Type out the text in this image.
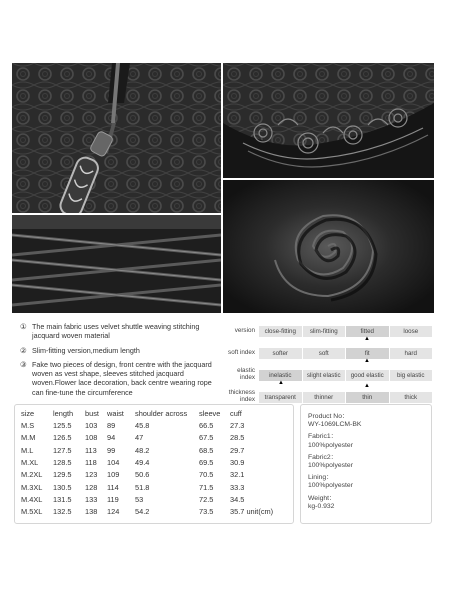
① The main fabric uses velvet shuttle weaving stitching jacquard woven material
② Slim-fitting version,medium length
③ Fake two pieces of design, front centre with the jacquard woven as vest shape, sleeves stitched jacquard woven.Flower lace decoration, back centre wearing rope can fine-tune the circumference
version	close-fitting	slim-fitting	fitted	loose
▲
soft index	softer	soft	fit	hard
▲
elastic index	inelastic	slight elastic	good elastic	big elastic
▲
thickness index	transparent	thinner	thin	thick
▲
size	length	bust	waist	shoulder across	sleeve	cuff
M.S	125.5	103	89	45.8	66.5	27.3
M.M	126.5	108	94	47	67.5	28.5
M.L	127.5	113	99	48.2	68.5	29.7
M.XL	128.5	118	104	49.4	69.5	30.9
M.2XL	129.5	123	109	50.6	70.5	32.1
M.3XL	130.5	128	114	51.8	71.5	33.3
M.4XL	131.5	133	119	53	72.5	34.5
M.5XL	132.5	138	124	54.2	73.5	35.7 unit(cm)
Product No：
WY-1069LCM-BK
Fabric1：
100%polyester
Fabric2：
100%polyester
Lining：
100%polyester
Weight：
kg-0.932
